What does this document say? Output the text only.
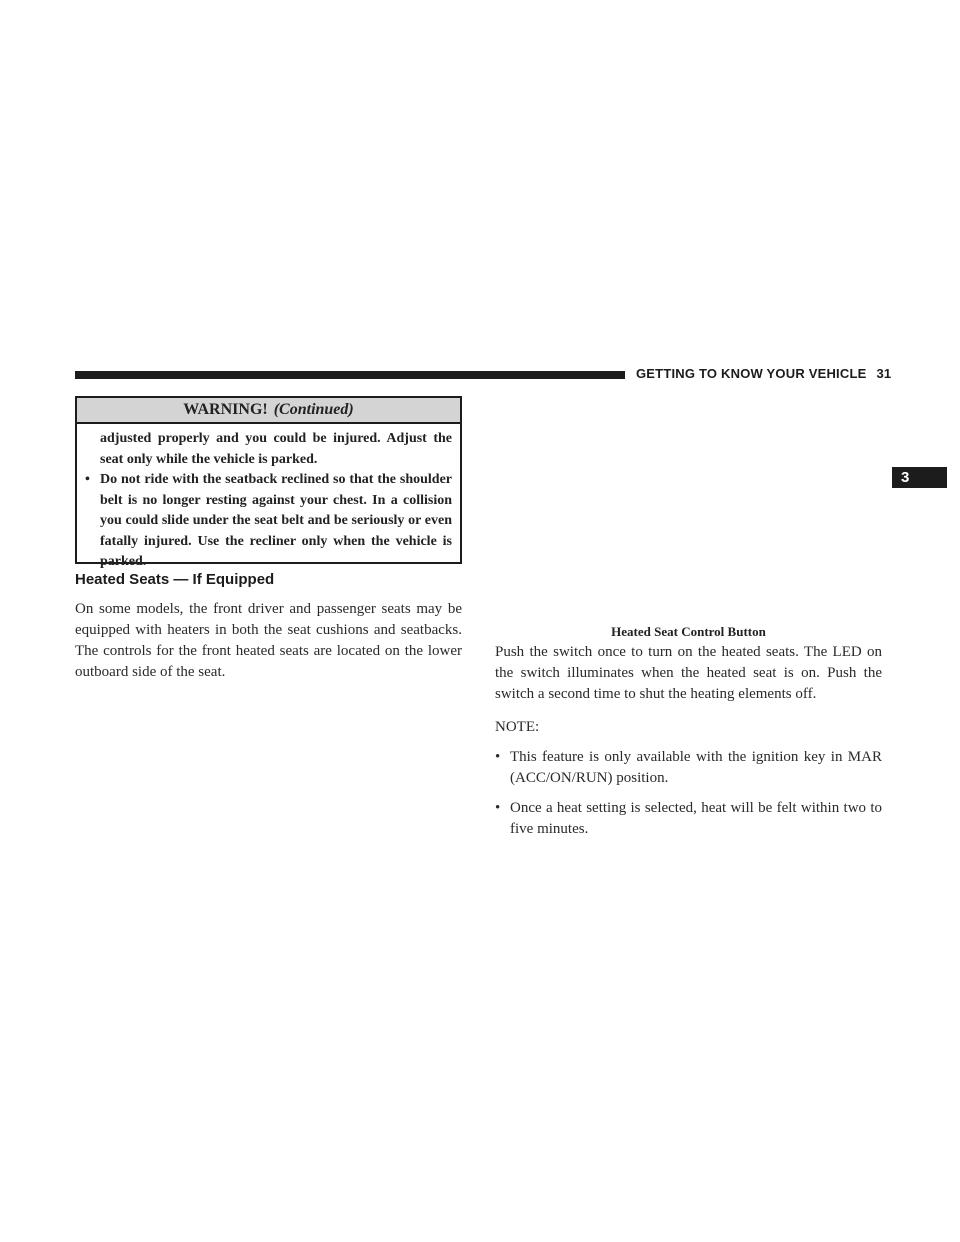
GETTING TO KNOW YOUR VEHICLE 31
3
WARNING! (Continued)
adjusted properly and you could be injured. Adjust the seat only while the vehicle is parked.
• Do not ride with the seatback reclined so that the shoulder belt is no longer resting against your chest. In a collision you could slide under the seat belt and be seriously or even fatally injured. Use the recliner only when the vehicle is parked.
Heated Seats — If Equipped
On some models, the front driver and passenger seats may be equipped with heaters in both the seat cushions and seatbacks. The controls for the front heated seats are located on the lower outboard side of the seat.
Heated Seat Control Button

Push the switch once to turn on the heated seats. The LED on the switch illuminates when the heated seat is on. Push the switch a second time to shut the heating elements off.

NOTE:

• This feature is only available with the ignition key in MAR (ACC/ON/RUN) position.
• Once a heat setting is selected, heat will be felt within two to five minutes.
